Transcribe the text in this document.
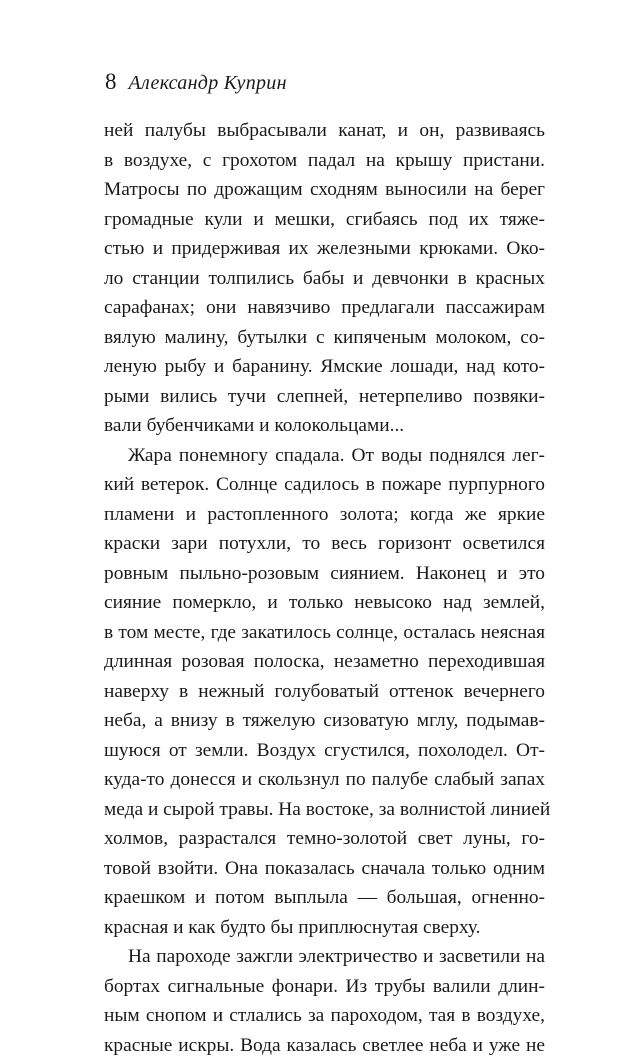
8 Александр Куприн
ней палубы выбрасывали канат, и он, развиваясь
в воздухе, с грохотом падал на крышу пристани.
Матросы по дрожащим сходням выносили на берег
громадные кули и мешки, сгибаясь под их тяже-
стью и придерживая их железными крюками. Око-
ло станции толпились бабы и девчонки в красных
сарафанах; они навязчиво предлагали пассажирам
вялую малину, бутылки с кипяченым молоком, со-
леную рыбу и баранину. Ямские лошади, над кото-
рыми вились тучи слепней, нетерпеливо позвяки-
вали бубенчиками и колокольцами...
Жара понемногу спадала. От воды поднялся лег-
кий ветерок. Солнце садилось в пожаре пурпурного
пламени и растопленного золота; когда же яркие
краски зари потухли, то весь горизонт осветился
ровным пыльно-розовым сиянием. Наконец и это
сияние померкло, и только невысоко над землей,
в том месте, где закатилось солнце, осталась неясная
длинная розовая полоска, незаметно переходившая
наверху в нежный голубоватый оттенок вечернего
неба, а внизу в тяжелую сизоватую мглу, подымав-
шуюся от земли. Воздух сгустился, похолодел. От-
куда-то донесся и скользнул по палубе слабый запах
меда и сырой травы. На востоке, за волнистой линией
холмов, разрастался темно-золотой свет луны, го-
товой взойти. Она показалась сначала только одним
краешком и потом выплыла — большая, огненно-
красная и как будто бы приплюснутая сверху.
На пароходе зажгли электричество и засветили на
бортах сигнальные фонари. Из трубы валили длин-
ным снопом и стлались за пароходом, тая в воздухе,
красные искры. Вода казалась светлее неба и уже не
